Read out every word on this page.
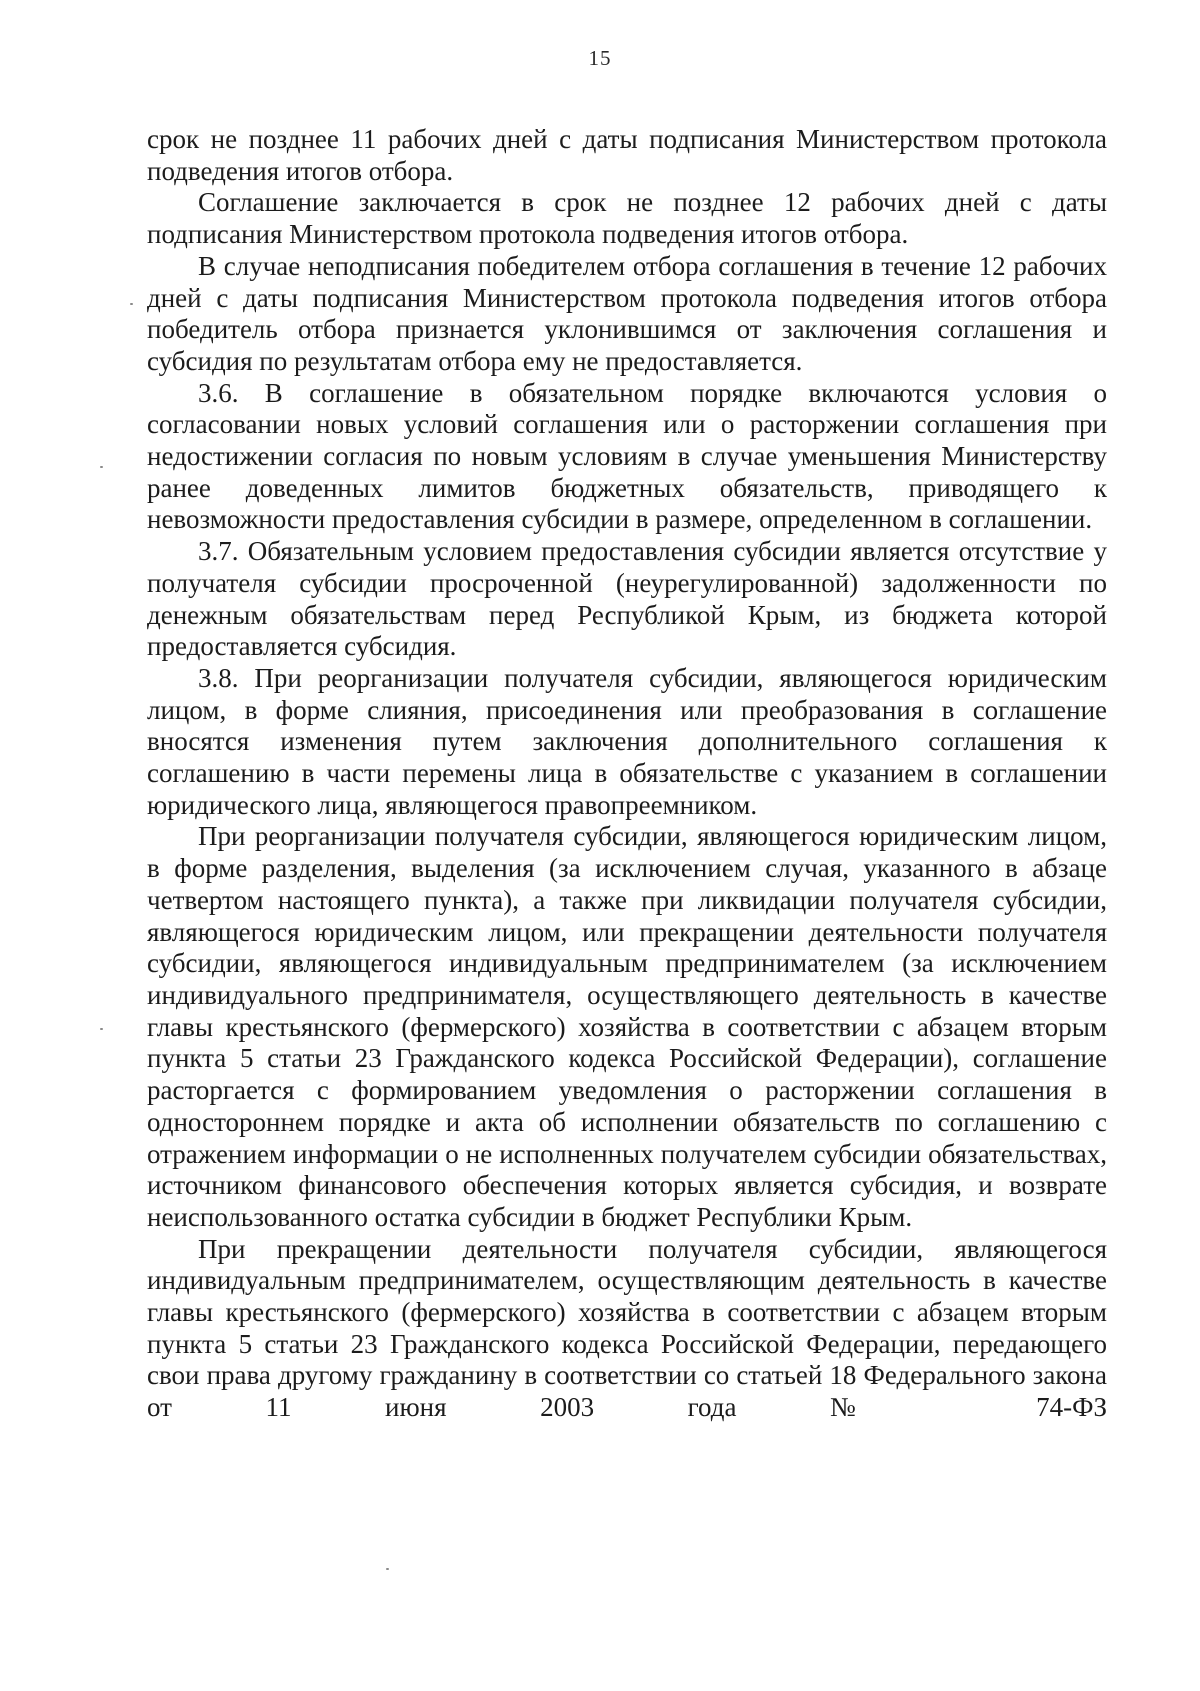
15

срок не позднее 11 рабочих дней с даты подписания Министерством протокола подведения итогов отбора.

Соглашение заключается в срок не позднее 12 рабочих дней с даты подписания Министерством протокола подведения итогов отбора.

В случае неподписания победителем отбора соглашения в течение 12 рабочих дней с даты подписания Министерством протокола подведения итогов отбора победитель отбора признается уклонившимся от заключения соглашения и субсидия по результатам отбора ему не предоставляется.

3.6. В соглашение в обязательном порядке включаются условия о согласовании новых условий соглашения или о расторжении соглашения при недостижении согласия по новым условиям в случае уменьшения Министерству ранее доведенных лимитов бюджетных обязательств, приводящего к невозможности предоставления субсидии в размере, определенном в соглашении.

3.7. Обязательным условием предоставления субсидии является отсутствие у получателя субсидии просроченной (неурегулированной) задолженности по денежным обязательствам перед Республикой Крым, из бюджета которой предоставляется субсидия.

3.8. При реорганизации получателя субсидии, являющегося юридическим лицом, в форме слияния, присоединения или преобразования в соглашение вносятся изменения путем заключения дополнительного соглашения к соглашению в части перемены лица в обязательстве с указанием в соглашении юридического лица, являющегося правопреемником.

При реорганизации получателя субсидии, являющегося юридическим лицом, в форме разделения, выделения (за исключением случая, указанного в абзаце четвертом настоящего пункта), а также при ликвидации получателя субсидии, являющегося юридическим лицом, или прекращении деятельности получателя субсидии, являющегося индивидуальным предпринимателем (за исключением индивидуального предпринимателя, осуществляющего деятельность в качестве главы крестьянского (фермерского) хозяйства в соответствии с абзацем вторым пункта 5 статьи 23 Гражданского кодекса Российской Федерации), соглашение расторгается с формированием уведомления о расторжении соглашения в одностороннем порядке и акта об исполнении обязательств по соглашению с отражением информации о не исполненных получателем субсидии обязательствах, источником финансового обеспечения которых является субсидия, и возврате неиспользованного остатка субсидии в бюджет Республики Крым.

При прекращении деятельности получателя субсидии, являющегося индивидуальным предпринимателем, осуществляющим деятельность в качестве главы крестьянского (фермерского) хозяйства в соответствии с абзацем вторым пункта 5 статьи 23 Гражданского кодекса Российской Федерации, передающего свои права другому гражданину в соответствии со статьей 18 Федерального закона от 11 июня 2003 года № 74-ФЗ
